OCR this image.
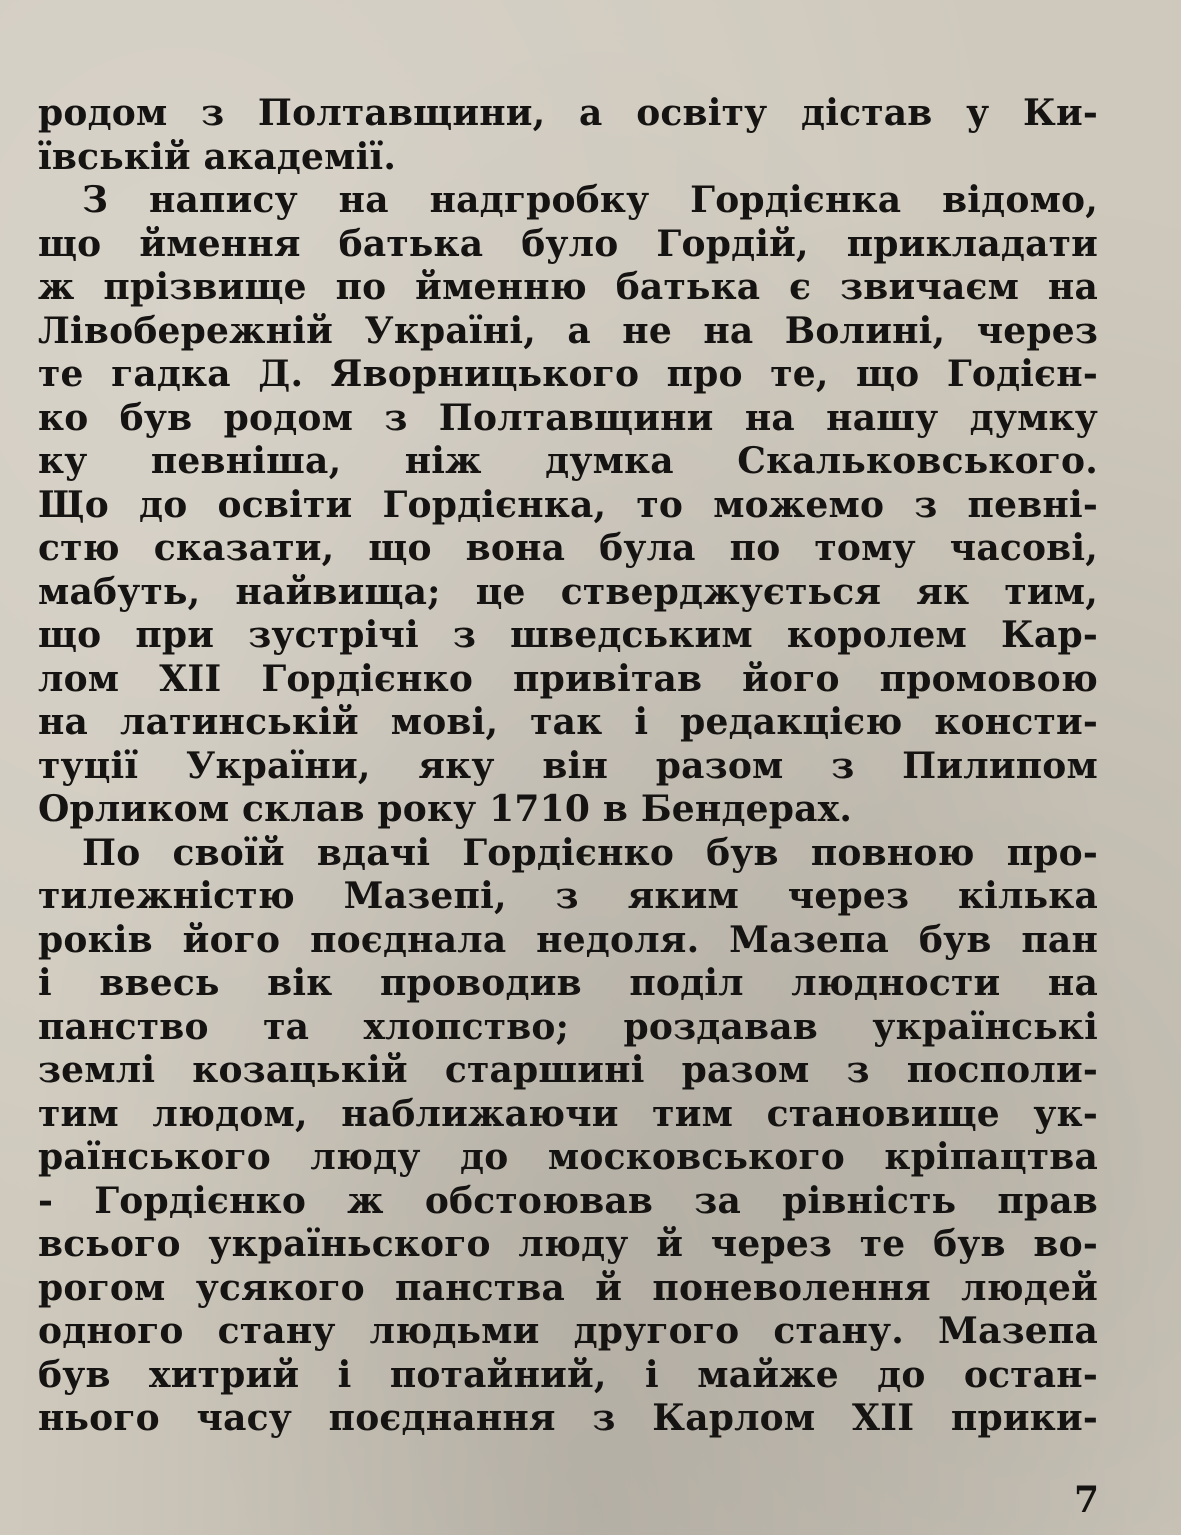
родом з Полтавщини, а освіту дістав у Ки-
ївській академії.
З напису на надгробку Гордієнка відомо,
що ймення батька було Гордій, прикладати
ж прізвище по йменню батька є звичаєм на
Лівобережній Україні, а не на Волині, через
те гадка Д. Яворницького про те, що Годієн-
ко був родом з Полтавщини на нашу думку
ку певніша, ніж думка Скальковського.
Що до освіти Гордієнка, то можемо з певні-
стю сказати, що вона була по тому часові,
мабуть, найвища; це стверджується як тим,
що при зустрічі з шведським королем Кар-
лом XII Гордієнко привітав його промовою
на латинській мові, так і редакцією консти-
туції України, яку він разом з Пилипом
Орликом склав року 1710 в Бендерах.
По своїй вдачі Гордієнко був повною про-
тилежністю Мазепі, з яким через кілька
років його поєднала недоля. Мазепа був пан
і ввесь вік проводив поділ людности на
панство та хлопство; роздавав українські
землі козацькій старшині разом з посполи-
тим людом, наближаючи тим становище ук-
раїнського люду до московського кріпацтва
- Гордієнко ж обстоював за рівність прав
всього україньского люду й через те був во-
рогом усякого панства й поневолення людей
одного стану людьми другого стану. Мазепа
був хитрий і потайний, і майже до остан-
нього часу поєднання з Карлом XII прики-
7
